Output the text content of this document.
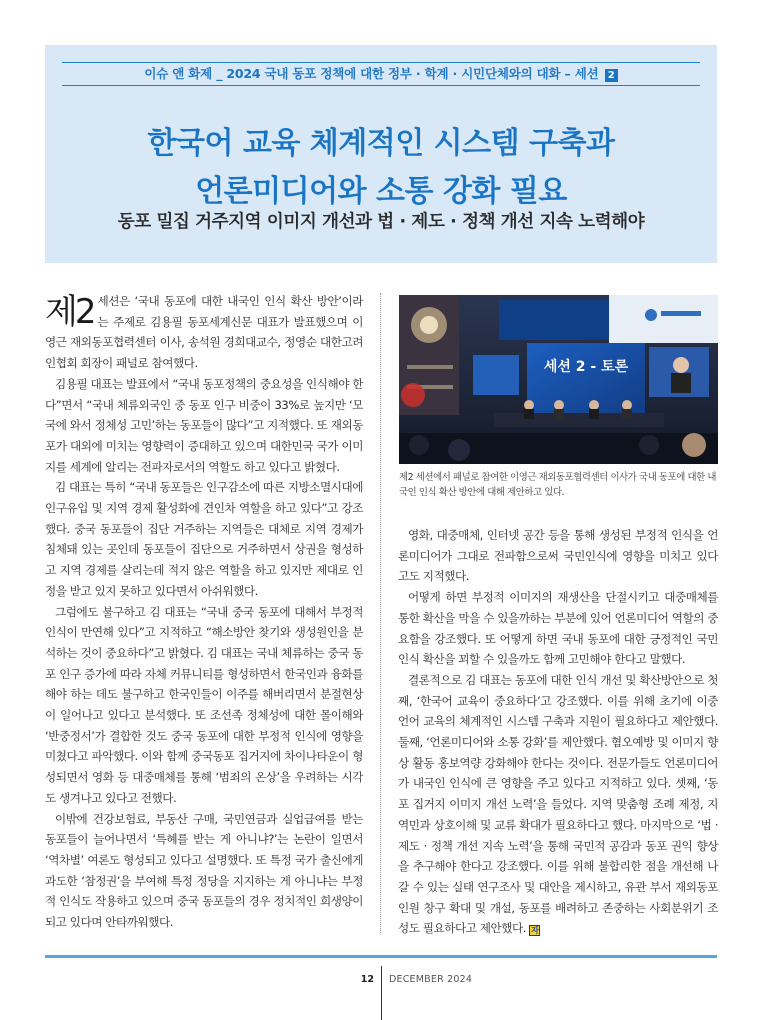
이슈 앤 화제 _ 2024 국내 동포 정책에 대한 정부 · 학계 · 시민단체와의 대화 – 세션 2
한국어 교육 체계적인 시스템 구축과
언론미디어와 소통 강화 필요
동포 밀집 거주지역 이미지 개선과 법 · 제도 · 정책 개선 지속 노력해야

제2 세션은 ‘국내 동포에 대한 내국인 인식 확산 방안’이라는 주제로 김용필 동포세계신문 대표가 발표했으며 이영근 재외동포협력센터 이사, 송석원 경희대교수, 정영순 대한고려인협회 회장이 패널로 참여했다.

김용필 대표는 발표에서 “국내 동포정책의 중요성을 인식해야 한다”면서 “국내 체류외국인 중 동포 인구 비중이 33%로 높지만 ‘모국에 와서 정체성 고민’하는 동포들이 많다”고 지적했다. 또 재외동포가 대외에 미치는 영향력이 증대하고 있으며 대한민국 국가 이미지를 세계에 알리는 전파자로서의 역할도 하고 있다고 밝혔다.

김 대표는 특히 “국내 동포들은 인구감소에 따른 지방소멸시대에 인구유입 및 지역 경제 활성화에 견인차 역할을 하고 있다”고 강조했다. 중국 동포들이 집단 거주하는 지역들은 대체로 지역 경제가 침체돼 있는 곳인데 동포들이 집단으로 거주하면서 상권을 형성하고 지역 경제를 살리는데 적지 않은 역할을 하고 있지만 제대로 인정을 받고 있지 못하고 있다면서 아쉬워했다.

그럼에도 불구하고 김 대표는 “국내 중국 동포에 대해서 부정적 인식이 만연해 있다”고 지적하고 “해소방안 찾기와 생성원인을 분석하는 것이 중요하다”고 밝혔다. 김 대표는 국내 체류하는 중국 동포 인구 증가에 따라 자체 커뮤니티를 형성하면서 한국인과 융화를 해야 하는 데도 불구하고 한국인들이 이주를 해버리면서 분절현상이 일어나고 있다고 분석했다. 또 조선족 정체성에 대한 몰이해와 ‘반중정서’가 결합한 것도 중국 동포에 대한 부정적 인식에 영향을 미쳤다고 파악했다. 이와 함께 중국동포 집거지에 차이나타운이 형성되면서 영화 등 대중매체를 통해 ‘범죄의 온상’을 우려하는 시각도 생겨나고 있다고 전했다.

이밖에 건강보험료, 부동산 구매, 국민연금과 실업급여를 받는 동포들이 늘어나면서 ‘특혜를 받는 게 아니냐?’는 논란이 일면서 ‘역차별’ 여론도 형성되고 있다고 설명했다. 또 특정 국가 출신에게 과도한 ‘참정권’을 부여해 특정 정당을 지지하는 게 아니냐는 부정적 인식도 작용하고 있으며 중국 동포들의 경우 정치적인 희생양이 되고 있다며 안타까워했다.

세션 2 - 토론
제2 세션에서 패널로 참여한 이영근 재외동포협력센터 이사가 국내 동포에 대한 내국인 인식 확산 방안에 대해 제안하고 있다.

영화, 대중매체, 인터넷 공간 등을 통해 생성된 부정적 인식을 언론미디어가 그대로 전파함으로써 국민인식에 영향을 미치고 있다고도 지적했다.

어떻게 하면 부정적 이미지의 재생산을 단절시키고 대중매체를 통한 확산을 막을 수 있을까하는 부분에 있어 언론미디어 역할의 중요함을 강조했다. 또 어떻게 하면 국내 동포에 대한 긍정적인 국민인식 확산을 꾀할 수 있을까도 함께 고민해야 한다고 말했다.

결론적으로 김 대표는 동포에 대한 인식 개선 및 확산방안으로 첫째, ‘한국어 교육이 중요하다’고 강조했다. 이를 위해 초기에 이중 언어 교육의 체계적인 시스템 구축과 지원이 필요하다고 제안했다. 둘째, ‘언론미디어와 소통 강화’를 제안했다. 혐오예방 및 이미지 향상 활동 홍보역량 강화해야 한다는 것이다. 전문가들도 언론미디어가 내국인 인식에 큰 영향을 주고 있다고 지적하고 있다. 셋째, ‘동포 집거지 이미지 개선 노력’을 들었다. 지역 맞춤형 조례 제정, 지역민과 상호이해 및 교류 확대가 필요하다고 했다. 마지막으로 ‘법 · 제도 · 정책 개선 지속 노력’을 통해 국민적 공감과 동포 권익 향상을 추구해야 한다고 강조했다. 이를 위해 불합리한 점을 개선해 나갈 수 있는 실태 연구조사 및 대안을 제시하고, 유관 부서 재외동포 인원 창구 확대 및 개설, 동포를 배려하고 존중하는 사회분위기 조성도 필요하다고 제안했다. 자

12 DECEMBER 2024
